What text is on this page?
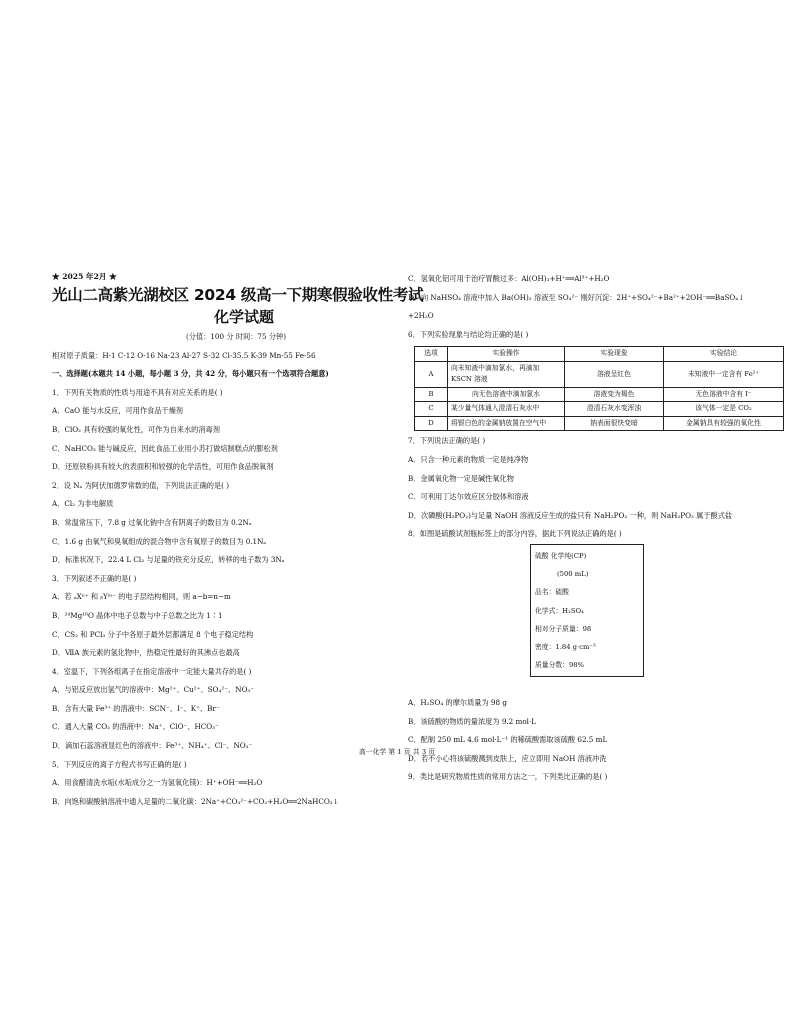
★ 2025 年2月 ★
光山二高紫光湖校区 2024 级高一下期寒假验收性考试
化学试题
(分值：100 分 时间：75 分钟)
相对原子质量：H-1 C-12 O-16 Na-23 Al-27 S-32 Cl-35.5 K-39 Mn-55 Fe-56
一、选择题(本题共 14 小题，每小题 3 分，共 42 分，每小题只有一个选项符合题意)
1．下列有关物质的性质与用途不具有对应关系的是( )
A．CaO 能与水反应，可用作食品干燥剂
B．ClO₂ 具有较强的氧化性，可作为自来水的消毒剂
C．NaHCO₃ 能与碱反应，因此食品工业用小苏打做焙制糕点的膨松剂
D．还原铁粉具有较大的表面积和较强的化学活性，可用作食品脱氧剂
2．设 Nₐ 为阿伏加德罗常数的值，下列说法正确的是( )
A．Cl₂ 为非电解质
B．常温常压下，7.8 g 过氧化钠中含有阴离子的数目为 0.2Nₐ
C．1.6 g 由氧气和臭氧组成的混合物中含有氧原子的数目为 0.1Nₐ
D．标准状况下，22.4 L Cl₂ 与足量的铁充分反应，转移的电子数为 3Nₐ
3．下列叙述不正确的是( )
A．若 ₐXⁿ⁺ 和 ᵦYᵐ⁻ 的电子层结构相同，则 a−b=n−m
B．²⁴Mg¹⁶O 晶体中电子总数与中子总数之比为 1∶1
C．CS₂ 和 PCl₃ 分子中各原子最外层都满足 8 个电子稳定结构
D．ⅦA 族元素的氢化物中，热稳定性最好的其沸点也最高
4．室温下，下列各组离子在指定溶液中一定能大量共存的是( )
A．与铝反应放出氢气的溶液中：Mg²⁺、Cu²⁺、SO₄²⁻、NO₃⁻
B．含有大量 Fe³⁺ 的溶液中：SCN⁻、I⁻、K⁺、Br⁻
C．通入大量 CO₂ 的溶液中：Na⁺、ClO⁻、HCO₃⁻
D．滴加石蕊溶液显红色的溶液中：Fe³⁺、NH₄⁺、Cl⁻、NO₃⁻
5．下列反应的离子方程式书写正确的是( )
A．用食醋清洗水垢(水垢成分之一为氢氧化镁)：H⁺+OH⁻══H₂O
B．向饱和碳酸钠溶液中通入足量的二氧化碳：2Na⁺+CO₃²⁻+CO₂+H₂O══2NaHCO₃↓
C．氢氧化铝可用于治疗胃酸过多：Al(OH)₃+H⁺══Al³⁺+H₂O
D．向 NaHSO₄ 溶液中加入 Ba(OH)₂ 溶液至 SO₄²⁻ 刚好沉淀：2H⁺+SO₄²⁻+Ba²⁺+2OH⁻══BaSO₄↓
+2H₂O
6．下列实验现象与结论均正确的是( )
选项	实验操作	实验现象	实验结论
A	向未知液中滴加氯水，再滴加 KSCN 溶液	溶液呈红色	未知液中一定含有 Fe²⁺
B	向无色溶液中滴加氯水	溶液变为褐色	无色溶液中含有 I⁻
C	某少量气体通入澄清石灰水中	澄清石灰水变浑浊	该气体一定是 CO₂
D	将银白色的金属钠放置在空气中	钠表面很快变暗	金属钠具有较强的氧化性
7．下列说法正确的是( )
A．只含一种元素的物质一定是纯净物
B．金属氧化物一定是碱性氧化物
C．可利用丁达尔效应区分胶体和溶液
D．次磷酸(H₃PO₂)与足量 NaOH 溶液反应生成的盐只有 NaH₂PO₂ 一种，则 NaH₂PO₂ 属于酸式盐
8．如图是硫酸试剂瓶标签上的部分内容，据此下列说法正确的是( )
硫酸 化学纯(CP)
(500 mL)
品名：硫酸
化学式：H₂SO₄
相对分子质量：98
密度：1.84 g·cm⁻³
质量分数：98%
A．H₂SO₄ 的摩尔质量为 98 g
B．该硫酸的物质的量浓度为 9.2 mol·L
C．配制 250 mL 4.6 mol·L⁻¹ 的稀硫酸需取该硫酸 62.5 mL
D．若不小心将该硫酸溅到皮肤上，应立即用 NaOH 溶液冲洗
9．类比是研究物质性质的常用方法之一，下列类比正确的是( )
高一化学 第 1 页 共 3 页
